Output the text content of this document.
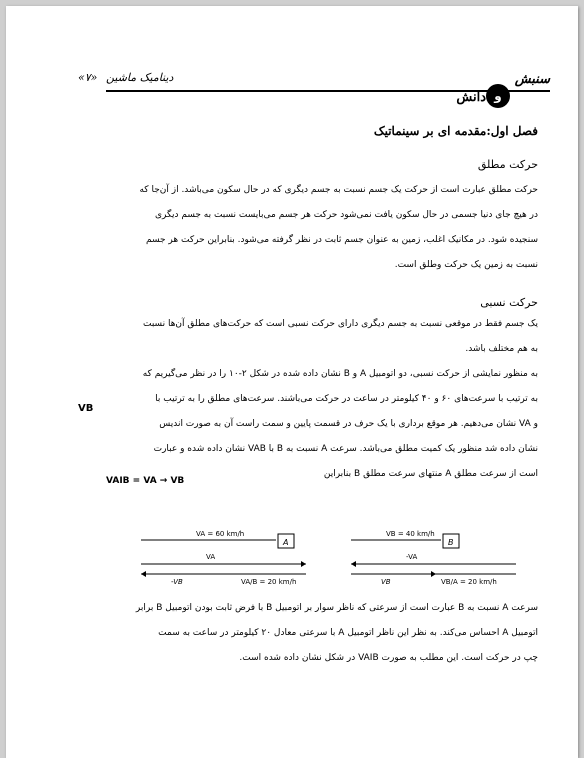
سنبش
و
دانش
دینامیک ماشین
«۷»
فصل اول:مقدمه ای بر سینماتیک
حرکت مطلق

حرکت مطلق عبارت است از حرکت یک جسم نسبت به جسم دیگری که در حال سکون می‌باشد. از آن‌جا که

در هیچ جای دنیا جسمی در حال سکون یافت نمی‌شود حرکت هر جسم می‌بایست نسبت به جسم دیگری

سنجیده شود. در مکانیک اغلب، زمین به عنوان جسم ثابت در نظر گرفته می‌شود. بنابراین حرکت هر جسم

نسبت به زمین یک حرکت وطلق است.

حرکت نسبی

یک جسم فقط در موقعی نسبت به جسم دیگری دارای حرکت نسبی است که حرکت‌های مطلق آن‌ها نسبت

به هم مختلف باشد.

به منظور نمایشی از حرکت نسبی، دو اتومبیل A و B نشان داده شده در شکل ۲-۱۰ را در نظر می‌گیریم که

به ترتیب با سرعت‌های ۶۰ و ۴۰ کیلومتر در ساعت در حرکت می‌باشند. سرعت‌های مطلق را به ترتیب با

و VA نشان می‌دهیم. هر موقع برداری با یک حرف در قسمت پایین و سمت راست آن به صورت اندیس

نشان داده شد منظور یک کمیت مطلق می‌باشد. سرعت A نسبت به B با VAB نشان داده شده و عبارت

است از سرعت مطلق A منتهای سرعت مطلق B بنابراین

VB
VAIB = VA → VB
VA = 60 km/h
A
VA
-VB	VA/B = 20 km/h
VB = 40 km/h
B
-VA
VB	VB/A = 20 km/h

سرعت A نسبت به B عبارت است از سرعتی که ناظر سوار بر اتومبیل B با فرض ثابت بودن اتومبیل B برابر

اتومبیل A احساس می‌کند. به نظر این ناظر اتومبیل A با سرعتی معادل ۲۰ کیلومتر در ساعت به سمت

چپ در حرکت است. این مطلب به صورت VAIB در شکل نشان داده شده است.
